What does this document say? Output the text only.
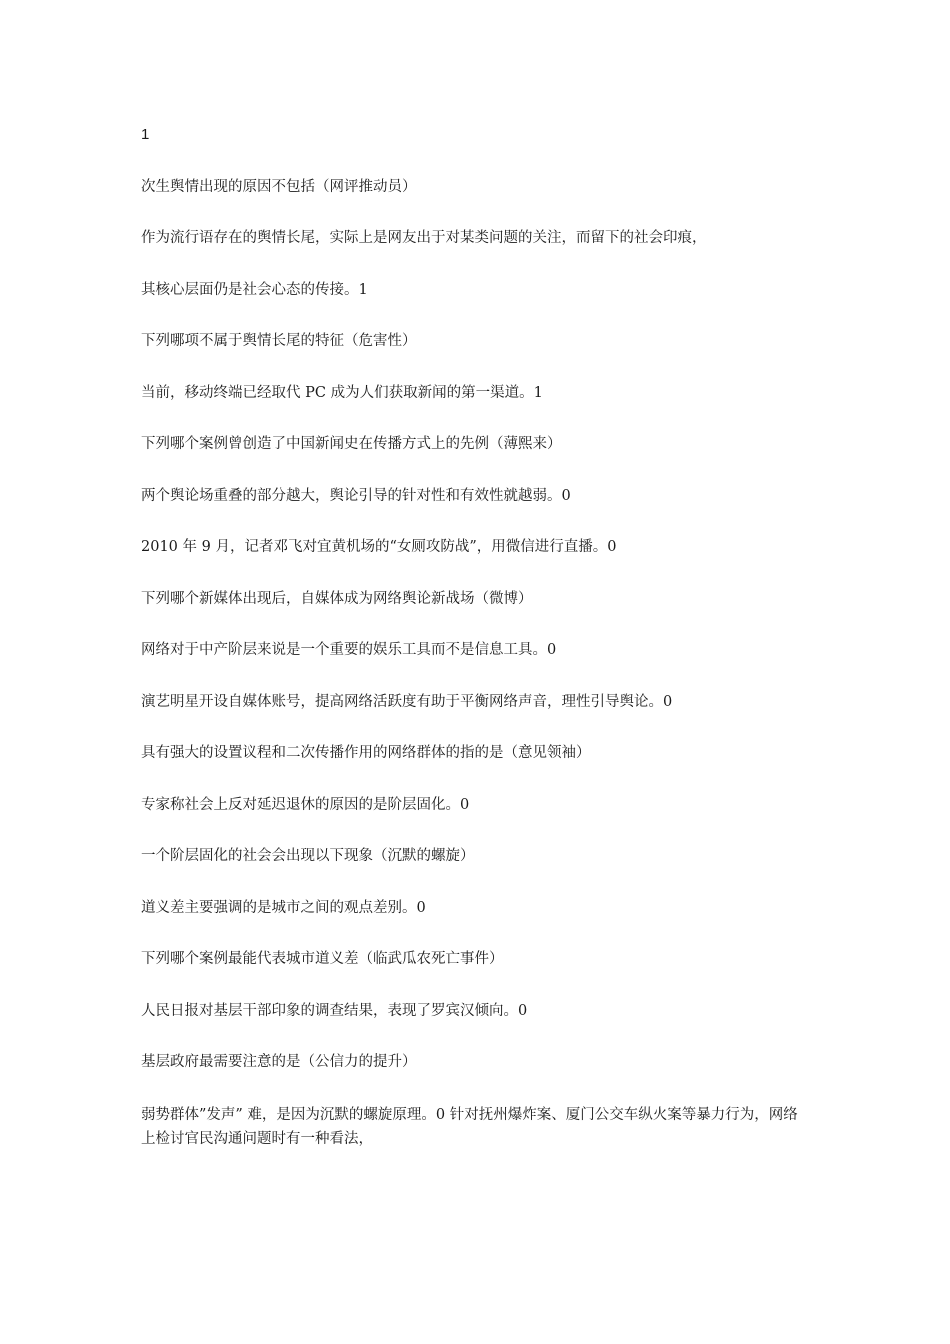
1

次生舆情出现的原因不包括（网评推动员）

作为流行语存在的舆情长尾，实际上是网友出于对某类问题的关注，而留下的社会印痕，

其核心层面仍是社会心态的传接。1

下列哪项不属于舆情长尾的特征（危害性）

当前，移动终端已经取代 PC 成为人们获取新闻的第一渠道。1

下列哪个案例曾创造了中国新闻史在传播方式上的先例（薄熙来）

两个舆论场重叠的部分越大，舆论引导的针对性和有效性就越弱。0

2010 年 9 月，记者邓飞对宜黄机场的“女厕攻防战”，用微信进行直播。0

下列哪个新媒体出现后，自媒体成为网络舆论新战场（微博）

网络对于中产阶层来说是一个重要的娱乐工具而不是信息工具。0

演艺明星开设自媒体账号，提高网络活跃度有助于平衡网络声音，理性引导舆论。0

具有强大的设置议程和二次传播作用的网络群体的指的是（意见领袖）

专家称社会上反对延迟退休的原因的是阶层固化。0

一个阶层固化的社会会出现以下现象（沉默的螺旋）

道义差主要强调的是城市之间的观点差别。0

下列哪个案例最能代表城市道义差（临武瓜农死亡事件）

人民日报对基层干部印象的调查结果，表现了罗宾汉倾向。0

基层政府最需要注意的是（公信力的提升）

弱势群体”发声” 难，是因为沉默的螺旋原理。0 针对抚州爆炸案、厦门公交车纵火案等暴力行为，网络上检讨官民沟通问题时有一种看法，
